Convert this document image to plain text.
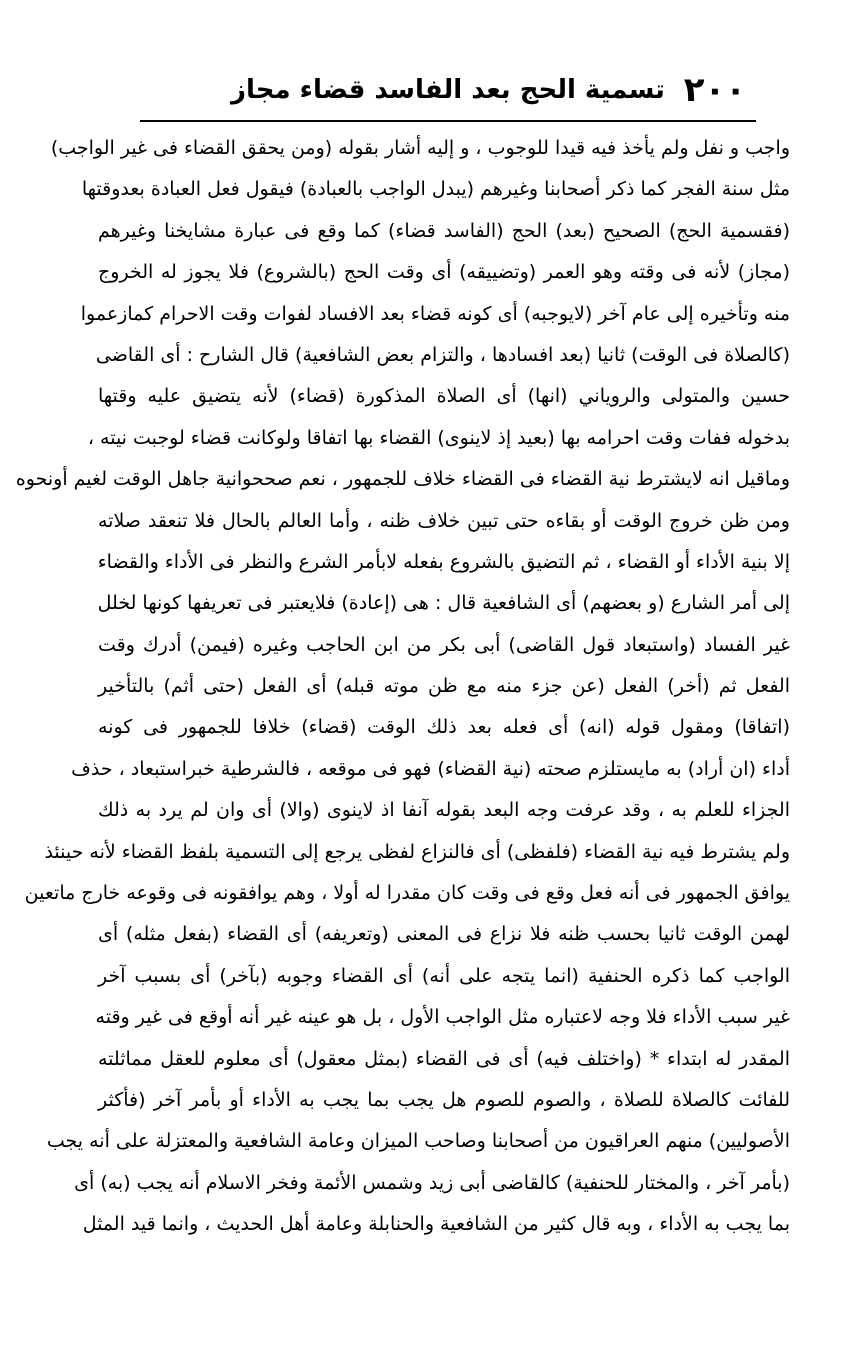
٢٠٠
تسمية الحج بعد الفاسد قضاء مجاز
واجب و نفل ولم يأخذ فيه قيدا للوجوب ، و إليه أشار بقوله (ومن يحقق القضاء فى غير الواجب)
مثل سنة الفجر كما ذكر أصحابنا وغيرهم (يبدل الواجب بالعبادة) فيقول فعل العبادة بعدوقتها
(فقسمية الحج) الصحيح (بعد) الحج (الفاسد قضاء) كما وقع فى عبارة مشايخنا وغيرهم
(مجاز) لأنه فى وقته وهو العمر (وتضييقه) أى وقت الحج (بالشروع) فلا يجوز له الخروج
منه وتأخيره إلى عام آخر (لايوجبه) أى كونه قضاء بعد الافساد لفوات وقت الاحرام كمازعموا
(كالصلاة فى الوقت) ثانيا (بعد افسادها ، والتزام بعض الشافعية) قال الشارح : أى القاضى
حسين والمتولى والروياني (انها) أى الصلاة المذكورة (قضاء) لأنه يتضيق عليه وقتها
بدخوله ففات وقت احرامه بها (بعيد إذ لاينوى) القضاء بها اتفاقا ولوكانت قضاء لوجبت نيته ،
وماقيل انه لايشترط نية القضاء فى القضاء خلاف للجمهور ، نعم صححوانية جاهل الوقت لغيم أونحوه
ومن ظن خروج الوقت أو بقاءه حتى تبين خلاف ظنه ، وأما العالم بالحال فلا تنعقد صلاته
إلا بنية الأداء أو القضاء ، ثم التضيق بالشروع بفعله لابأمر الشرع والنظر فى الأداء والقضاء
إلى أمر الشارع (و بعضهم) أى الشافعية قال : هى (إعادة) فلايعتبر فى تعريفها كونها لخلل
غير الفساد (واستبعاد قول القاضى) أبى بكر من ابن الحاجب وغيره (فيمن) أدرك وقت
الفعل ثم (أخر) الفعل (عن جزء منه مع ظن موته قبله) أى الفعل (حتى أثم) بالتأخير
(اتفاقا) ومقول قوله (انه) أى فعله بعد ذلك الوقت (قضاء) خلافا للجمهور فى كونه
أداء (ان أراد) به مايستلزم صحته (نية القضاء) فهو فى موقعه ، فالشرطية خبراستبعاد ، حذف
الجزاء للعلم به ، وقد عرفت وجه البعد بقوله آنفا اذ لاينوى (والا) أى وان لم يرد به ذلك
ولم يشترط فيه نية القضاء (فلفظى) أى فالنزاع لفظى يرجع إلى التسمية بلفظ القضاء لأنه حينئذ
يوافق الجمهور فى أنه فعل وقع فى وقت كان مقدرا له أولا ، وهم يوافقونه فى وقوعه خارج ماتعين
لهمن الوقت ثانيا بحسب ظنه فلا نزاع فى المعنى (وتعريفه) أى القضاء (بفعل مثله) أى
الواجب كما ذكره الحنفية (انما يتجه على أنه) أى القضاء وجوبه (بآخر) أى بسبب آخر
غير سبب الأداء فلا وجه لاعتباره مثل الواجب الأول ، بل هو عينه غير أنه أوقع فى غير وقته
المقدر له ابتداء * (واختلف فيه) أى فى القضاء (بمثل معقول) أى معلوم للعقل مماثلته
للفائت كالصلاة للصلاة ، والصوم للصوم هل يجب بما يجب به الأداء أو بأمر آخر (فأكثر
الأصوليين) منهم العراقيون من أصحابنا وصاحب الميزان وعامة الشافعية والمعتزلة على أنه يجب
(بأمر آخر ، والمختار للحنفية) كالقاضى أبى زيد وشمس الأئمة وفخر الاسلام أنه يجب (به) أى
بما يجب به الأداء ، وبه قال كثير من الشافعية والحنابلة وعامة أهل الحديث ، وانما قيد المثل
